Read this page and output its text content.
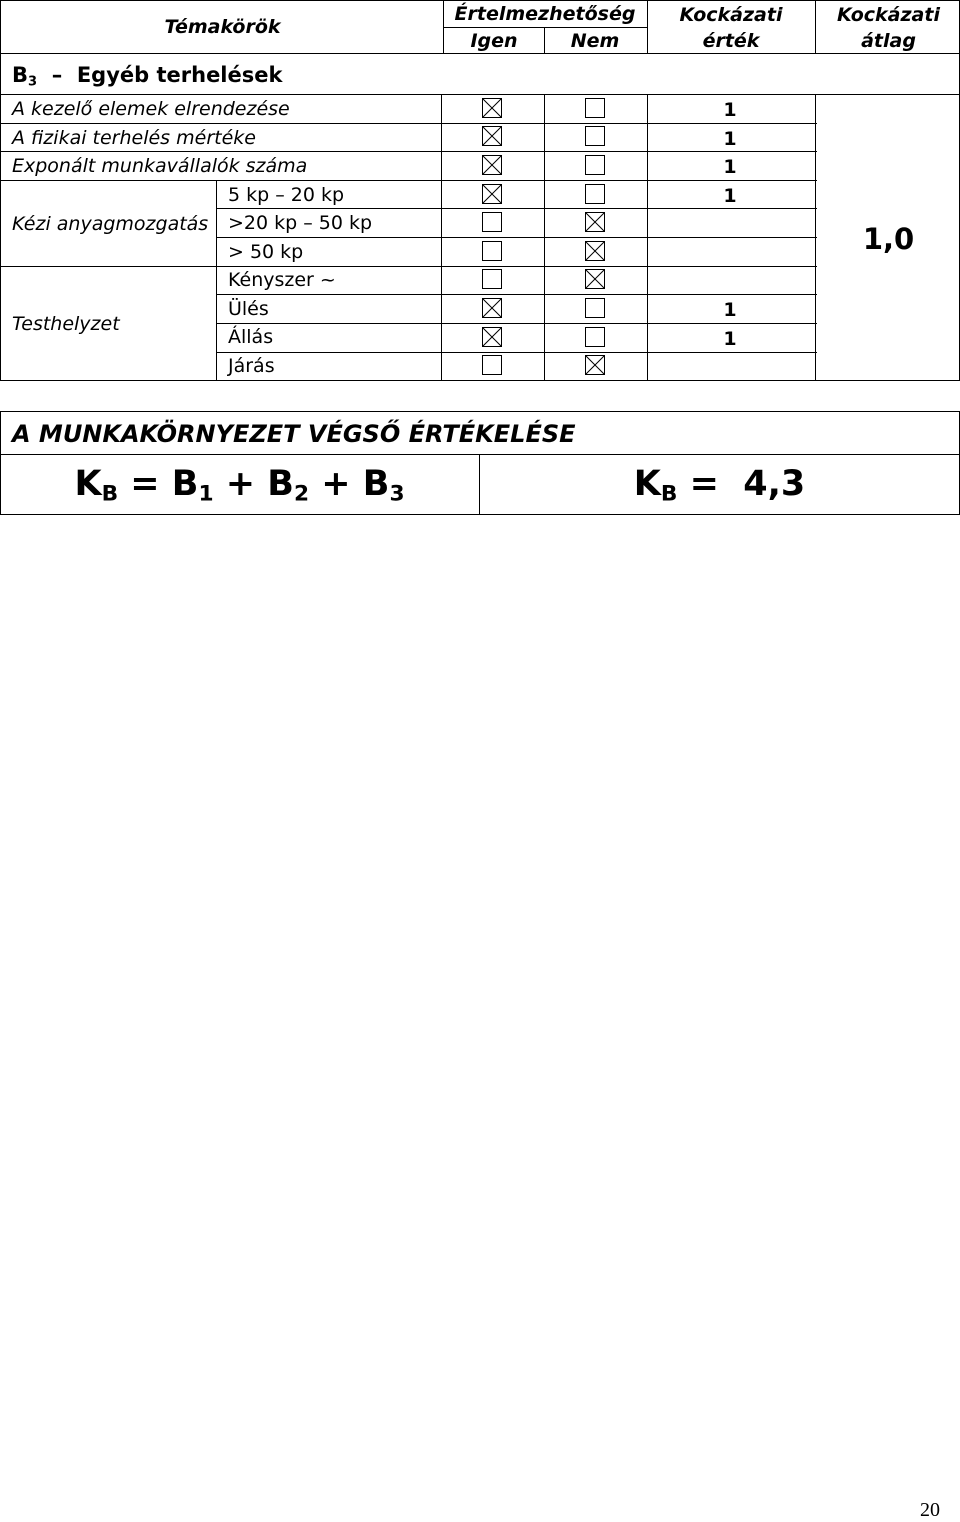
Témakörök
Értelmezhetőség
Igen	Nem
Kockázati
érték
Kockázati
átlag
$B_3$  –  Egyéb terhelések
A kezelő elemek elrendezése
A fizikai terhelés mértéke
Exponált munkavállalók száma
Kézi anyagmozgatás
5 kp – 20 kp
>20 kp – 50 kp
> 50 kp
Testhelyzet
Kényszer ~
Ülés
Állás
Járás
1
1
1
1
1
1
1,0
A MUNKAKÖRNYEZET VÉGSŐ ÉRTÉKELÉSE
$K_B = B_1 + B_2 + B_3$	$K_B = 4,3$
20
